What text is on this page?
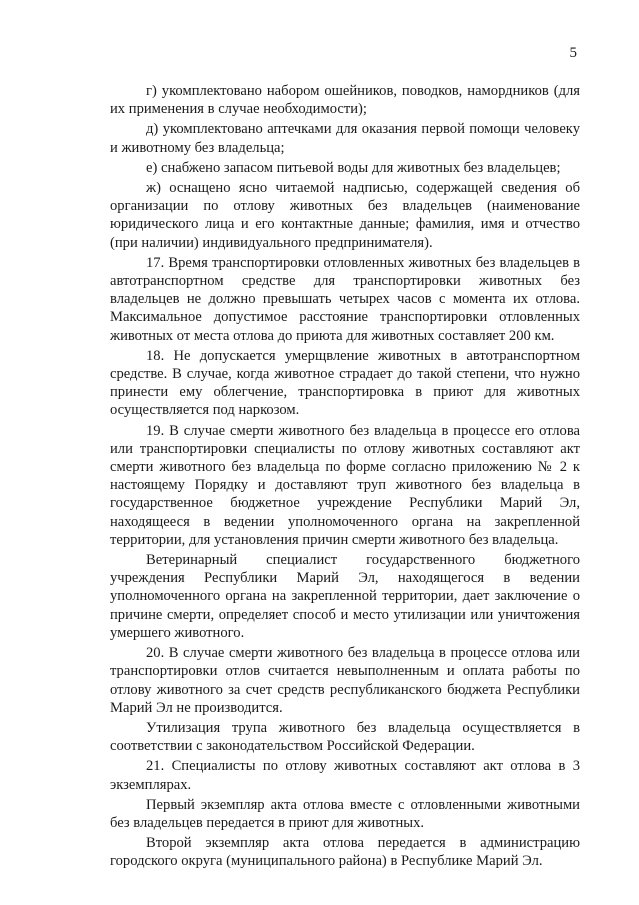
5

г) укомплектовано набором ошейников, поводков, намордников (для их применения в случае необходимости);

д) укомплектовано аптечками для оказания первой помощи человеку и животному без владельца;

е) снабжено запасом питьевой воды для животных без владельцев;

ж) оснащено ясно читаемой надписью, содержащей сведения об организации по отлову животных без владельцев (наименование юридического лица и его контактные данные; фамилия, имя и отчество (при наличии) индивидуального предпринимателя).

17. Время транспортировки отловленных животных без владельцев в автотранспортном средстве для транспортировки животных без владельцев не должно превышать четырех часов с момента их отлова. Максимальное допустимое расстояние транспортировки отловленных животных от места отлова до приюта для животных составляет 200 км.

18. Не допускается умерщвление животных в автотранспортном средстве. В случае, когда животное страдает до такой степени, что нужно принести ему облегчение, транспортировка в приют для животных осуществляется под наркозом.

19. В случае смерти животного без владельца в процессе его отлова или транспортировки специалисты по отлову животных составляют акт смерти животного без владельца по форме согласно приложению № 2 к настоящему Порядку и доставляют труп животного без владельца в государственное бюджетное учреждение Республики Марий Эл, находящееся в ведении уполномоченного органа на закрепленной территории, для установления причин смерти животного без владельца.

Ветеринарный специалист государственного бюджетного учреждения Республики Марий Эл, находящегося в ведении уполномоченного органа на закрепленной территории, дает заключение о причине смерти, определяет способ и место утилизации или уничтожения умершего животного.

20. В случае смерти животного без владельца в процессе отлова или транспортировки отлов считается невыполненным и оплата работы по отлову животного за счет средств республиканского бюджета Республики Марий Эл не производится.

Утилизация трупа животного без владельца осуществляется в соответствии с законодательством Российской Федерации.

21. Специалисты по отлову животных составляют акт отлова в 3 экземплярах.

Первый экземпляр акта отлова вместе с отловленными животными без владельцев передается в приют для животных.

Второй экземпляр акта отлова передается в администрацию городского округа (муниципального района) в Республике Марий Эл.
